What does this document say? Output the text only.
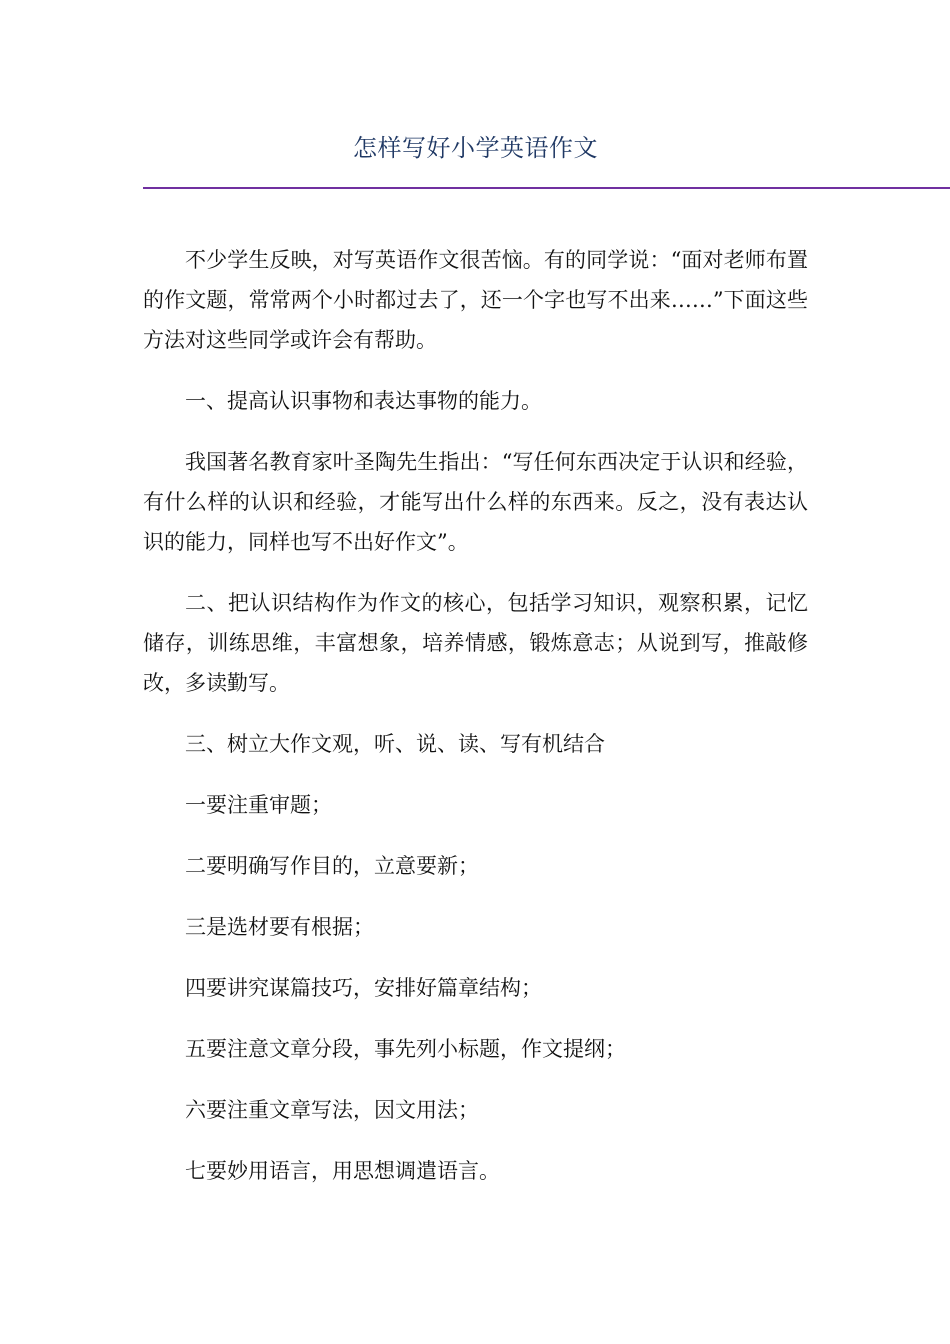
怎样写好小学英语作文

不少学生反映，对写英语作文很苦恼。有的同学说：“面对老师布置的作文题，常常两个小时都过去了，还一个字也写不出来……”下面这些方法对这些同学或许会有帮助。

一、提高认识事物和表达事物的能力。

我国著名教育家叶圣陶先生指出：“写任何东西决定于认识和经验，有什么样的认识和经验，才能写出什么样的东西来。反之，没有表达认识的能力，同样也写不出好作文”。

二、把认识结构作为作文的核心，包括学习知识，观察积累，记忆储存，训练思维，丰富想象，培养情感，锻炼意志；从说到写，推敲修改，多读勤写。

三、树立大作文观，听、说、读、写有机结合

一要注重审题；

二要明确写作目的，立意要新；

三是选材要有根据；

四要讲究谋篇技巧，安排好篇章结构；

五要注意文章分段，事先列小标题，作文提纲；

六要注重文章写法，因文用法；

七要妙用语言，用思想调遣语言。
